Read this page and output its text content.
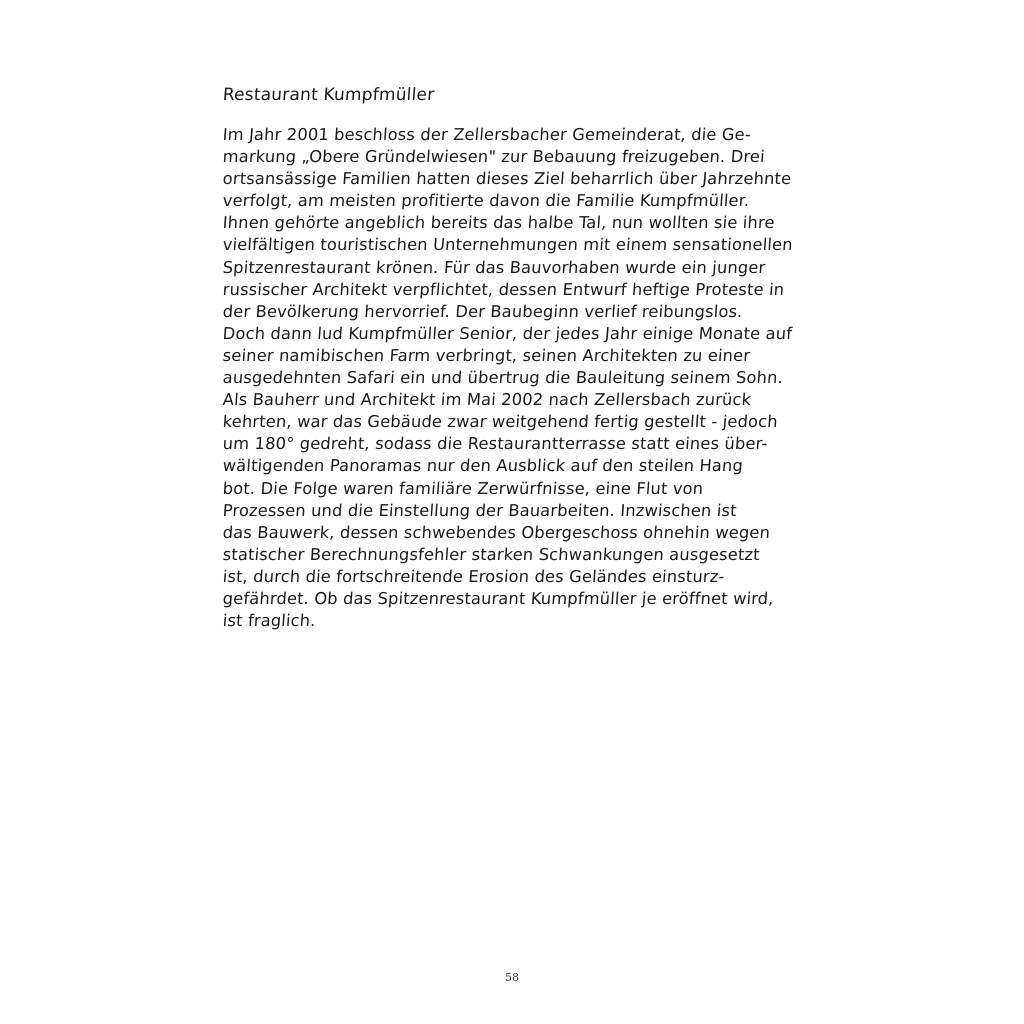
Restaurant Kumpfmüller
Im Jahr 2001 beschloss der Zellersbacher Gemeinderat, die Ge-
markung „Obere Gründelwiesen" zur Bebauung freizugeben. Drei
ortsansässige Familien hatten dieses Ziel beharrlich über Jahrzehnte
verfolgt, am meisten profitierte davon die Familie Kumpfmüller.
Ihnen gehörte angeblich bereits das halbe Tal, nun wollten sie ihre
vielfältigen touristischen Unternehmungen mit einem sensationellen
Spitzenrestaurant krönen. Für das Bauvorhaben wurde ein junger
russischer Architekt verpflichtet, dessen Entwurf heftige Proteste in
der Bevölkerung hervorrief. Der Baubeginn verlief reibungslos.
Doch dann lud Kumpfmüller Senior, der jedes Jahr einige Monate auf
seiner namibischen Farm verbringt, seinen Architekten zu einer
ausgedehnten Safari ein und übertrug die Bauleitung seinem Sohn.
Als Bauherr und Architekt im Mai 2002 nach Zellersbach zurück
kehrten, war das Gebäude zwar weitgehend fertig gestellt - jedoch
um 180° gedreht, sodass die Restaurantterrasse statt eines über-
wältigenden Panoramas nur den Ausblick auf den steilen Hang
bot. Die Folge waren familiäre Zerwürfnisse, eine Flut von
Prozessen und die Einstellung der Bauarbeiten. Inzwischen ist
das Bauwerk, dessen schwebendes Obergeschoss ohnehin wegen
statischer Berechnungsfehler starken Schwankungen ausgesetzt
ist, durch die fortschreitende Erosion des Geländes einsturz-
gefährdet. Ob das Spitzenrestaurant Kumpfmüller je eröffnet wird,
ist fraglich.
58
